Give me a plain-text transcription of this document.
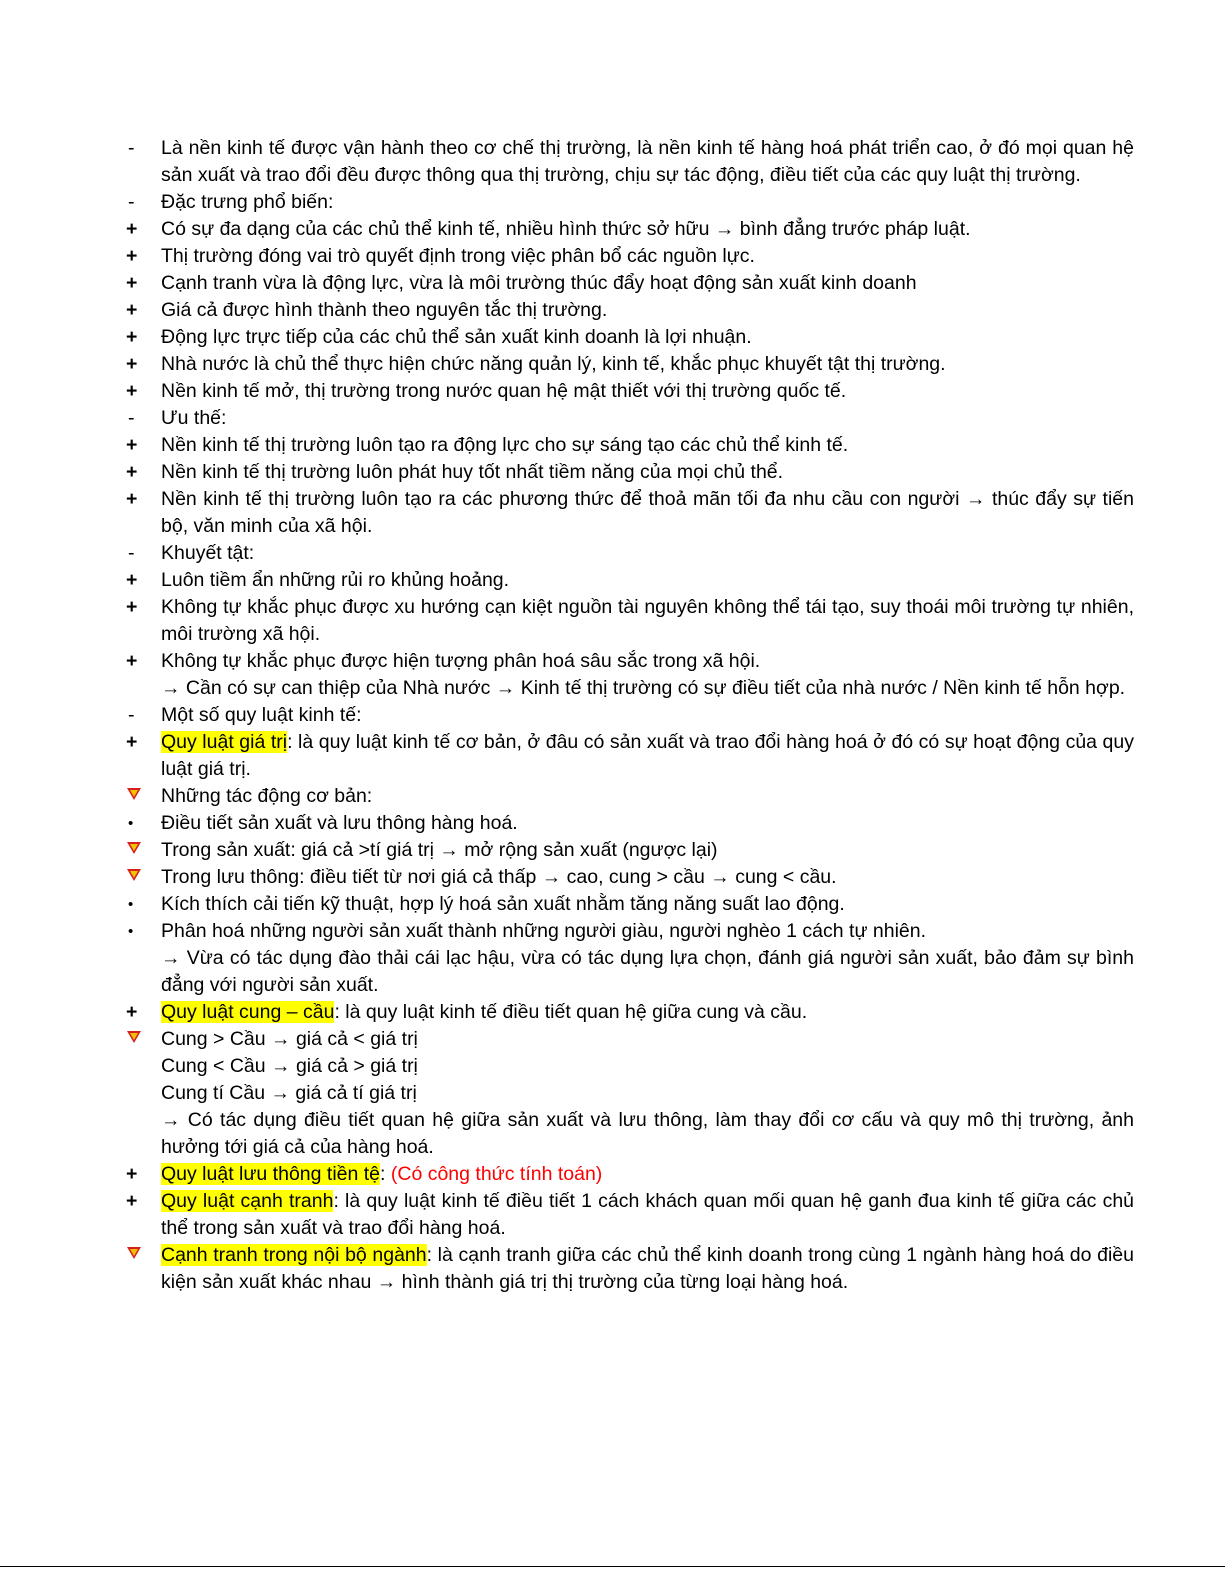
-	Là nền kinh tế được vận hành theo cơ chế thị trường, là nền kinh tế hàng hoá phát triển cao, ở đó mọi quan hệ sản xuất và trao đổi đều được thông qua thị trường, chịu sự tác động, điều tiết của các quy luật thị trường.
-	Đặc trưng phổ biến:
+	Có sự đa dạng của các chủ thể kinh tế, nhiều hình thức sở hữu → bình đẳng trước pháp luật.
+	Thị trường đóng vai trò quyết định trong việc phân bổ các nguồn lực.
+	Cạnh tranh vừa là động lực, vừa là môi trường thúc đẩy hoạt động sản xuất kinh doanh
+	Giá cả được hình thành theo nguyên tắc thị trường.
+	Động lực trực tiếp của các chủ thể sản xuất kinh doanh là lợi nhuận.
+	Nhà nước là chủ thể thực hiện chức năng quản lý, kinh tế, khắc phục khuyết tật thị trường.
+	Nền kinh tế mở, thị trường trong nước quan hệ mật thiết với thị trường quốc tế.
-	Ưu thế:
+	Nền kinh tế thị trường luôn tạo ra động lực cho sự sáng tạo các chủ thể kinh tế.
+	Nền kinh tế thị trường luôn phát huy tốt nhất tiềm năng của mọi chủ thể.
+	Nền kinh tế thị trường luôn tạo ra các phương thức để thoả mãn tối đa nhu cầu con người → thúc đẩy sự tiến bộ, văn minh của xã hội.
-	Khuyết tật:
+	Luôn tiềm ẩn những rủi ro khủng hoảng.
+	Không tự khắc phục được xu hướng cạn kiệt nguồn tài nguyên không thể tái tạo, suy thoái môi trường tự nhiên, môi trường xã hội.
+	Không tự khắc phục được hiện tượng phân hoá sâu sắc trong xã hội.
→ Cần có sự can thiệp của Nhà nước → Kinh tế thị trường có sự điều tiết của nhà nước / Nền kinh tế hỗn hợp.
-	Một số quy luật kinh tế:
+	Quy luật giá trị: là quy luật kinh tế cơ bản, ở đâu có sản xuất và trao đổi hàng hoá ở đó có sự hoạt động của quy luật giá trị.
Những tác động cơ bản:
•	Điều tiết sản xuất và lưu thông hàng hoá.
Trong sản xuất: giá cả >tí giá trị → mở rộng sản xuất (ngược lại)
Trong lưu thông: điều tiết từ nơi giá cả thấp → cao, cung > cầu → cung < cầu.
•	Kích thích cải tiến kỹ thuật, hợp lý hoá sản xuất nhằm tăng năng suất lao động.
•	Phân hoá những người sản xuất thành những người giàu, người nghèo 1 cách tự nhiên.
→ Vừa có tác dụng đào thải cái lạc hậu, vừa có tác dụng lựa chọn, đánh giá người sản xuất, bảo đảm sự bình đẳng với người sản xuất.
+	Quy luật cung – cầu: là quy luật kinh tế điều tiết quan hệ giữa cung và cầu.
Cung > Cầu → giá cả < giá trị
Cung < Cầu → giá cả > giá trị
Cung tí Cầu → giá cả tí giá trị
→ Có tác dụng điều tiết quan hệ giữa sản xuất và lưu thông, làm thay đổi cơ cấu và quy mô thị trường, ảnh hưởng tới giá cả của hàng hoá.
+	Quy luật lưu thông tiền tệ: (Có công thức tính toán)
+	Quy luật cạnh tranh: là quy luật kinh tế điều tiết 1 cách khách quan mối quan hệ ganh đua kinh tế giữa các chủ thể trong sản xuất và trao đổi hàng hoá.
Cạnh tranh trong nội bộ ngành: là cạnh tranh giữa các chủ thể kinh doanh trong cùng 1 ngành hàng hoá do điều kiện sản xuất khác nhau → hình thành giá trị thị trường của từng loại hàng hoá.
